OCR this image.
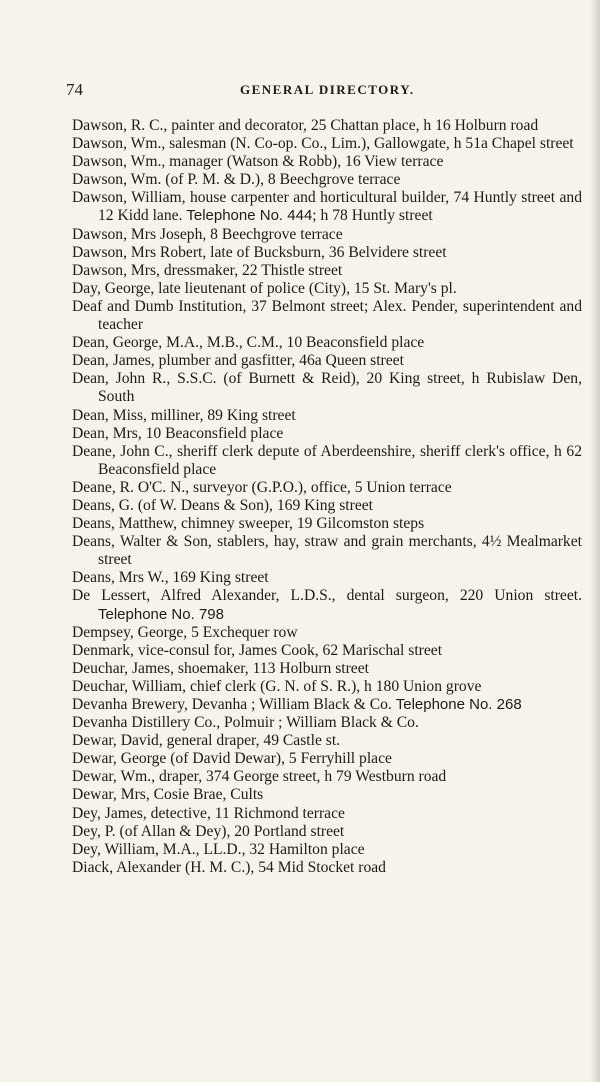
74	GENERAL DIRECTORY.
Dawson, R. C., painter and decorator, 25 Chattan place, h 16 Holburn road
Dawson, Wm., salesman (N. Co-op. Co., Lim.), Gallowgate, h 51a Chapel street
Dawson, Wm., manager (Watson & Robb), 16 View terrace
Dawson, Wm. (of P. M. & D.), 8 Beechgrove terrace
Dawson, William, house carpenter and horticultural builder, 74 Huntly street and 12 Kidd lane. Telephone No. 444; h 78 Huntly street
Dawson, Mrs Joseph, 8 Beechgrove terrace
Dawson, Mrs Robert, late of Bucksburn, 36 Belvidere street
Dawson, Mrs, dressmaker, 22 Thistle street
Day, George, late lieutenant of police (City), 15 St. Mary's pl.
Deaf and Dumb Institution, 37 Belmont street; Alex. Pender, superintendent and teacher
Dean, George, M.A., M.B., C.M., 10 Beaconsfield place
Dean, James, plumber and gasfitter, 46a Queen street
Dean, John R., S.S.C. (of Burnett & Reid), 20 King street, h Rubislaw Den, South
Dean, Miss, milliner, 89 King street
Dean, Mrs, 10 Beaconsfield place
Deane, John C., sheriff clerk depute of Aberdeenshire, sheriff clerk's office, h 62 Beaconsfield place
Deane, R. O'C. N., surveyor (G.P.O.), office, 5 Union terrace
Deans, G. (of W. Deans & Son), 169 King street
Deans, Matthew, chimney sweeper, 19 Gilcomston steps
Deans, Walter & Son, stablers, hay, straw and grain merchants, 4½ Mealmarket street
Deans, Mrs W., 169 King street
De Lessert, Alfred Alexander, L.D.S., dental surgeon, 220 Union street. Telephone No. 798
Dempsey, George, 5 Exchequer row
Denmark, vice-consul for, James Cook, 62 Marischal street
Deuchar, James, shoemaker, 113 Holburn street
Deuchar, William, chief clerk (G. N. of S. R.), h 180 Union grove
Devanha Brewery, Devanha ; William Black & Co. Telephone No. 268
Devanha Distillery Co., Polmuir ; William Black & Co.
Dewar, David, general draper, 49 Castle st.
Dewar, George (of David Dewar), 5 Ferryhill place
Dewar, Wm., draper, 374 George street, h 79 Westburn road
Dewar, Mrs, Cosie Brae, Cults
Dey, James, detective, 11 Richmond terrace
Dey, P. (of Allan & Dey), 20 Portland street
Dey, William, M.A., LL.D., 32 Hamilton place
Diack, Alexander (H. M. C.), 54 Mid Stocket road
